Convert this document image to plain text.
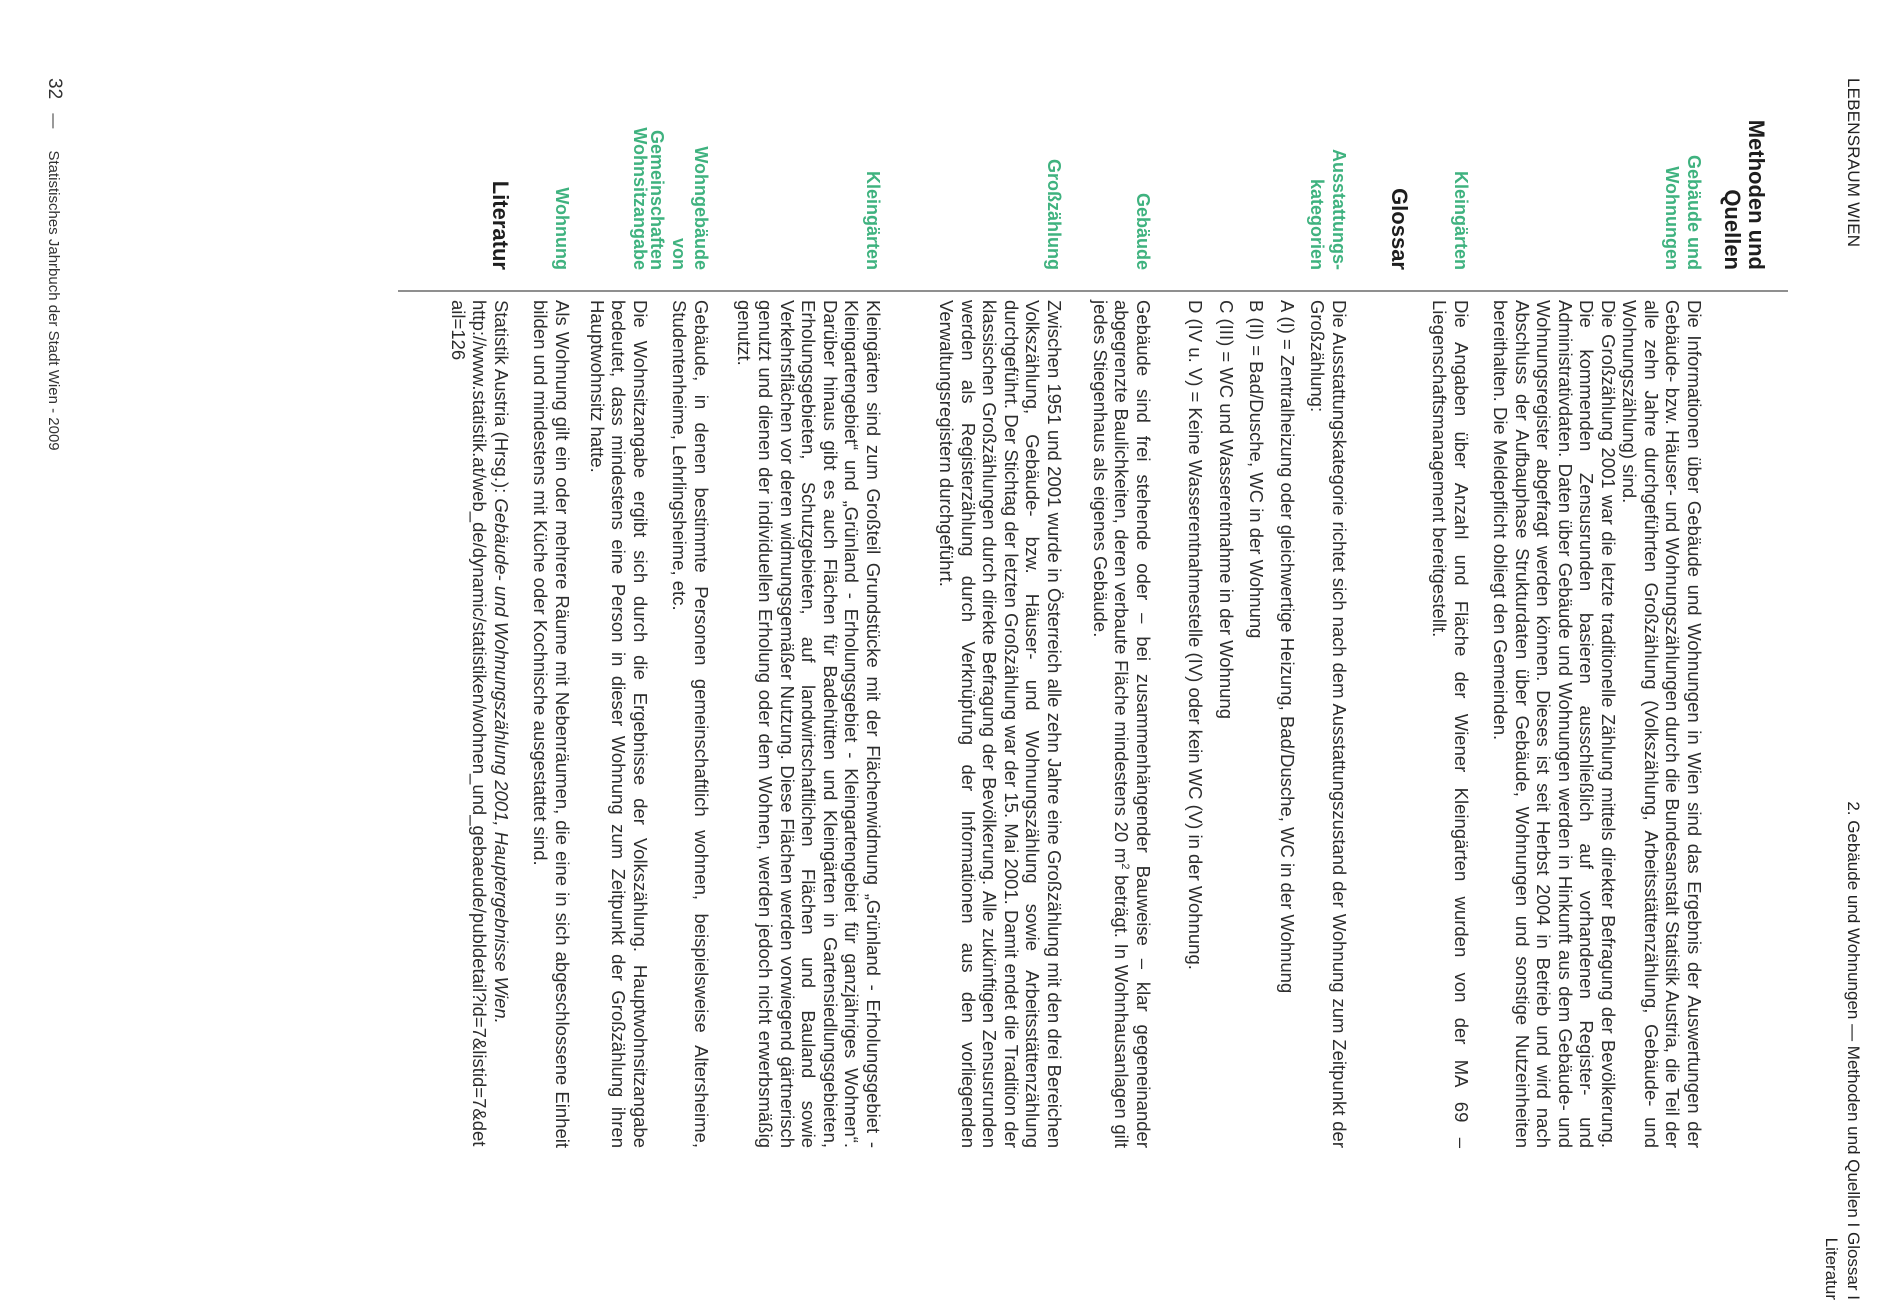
LEBENSRAUM WIEN
2. Gebäude und Wohnungen — Methoden und Quellen I Glossar I Literatur
Methoden und Quellen
Gebäude und Wohnungen

Die Informationen über Gebäude und Wohnungen in Wien sind das Ergebnis der Auswertungen der Gebäude- bzw. Häuser- und Wohnungszählungen durch die Bundesanstalt Statistik Austria, die Teil der alle zehn Jahre durchgeführten Großzählung (Volkszählung, Arbeitsstättenzählung, Gebäude- und Wohnungszählung) sind.

Die Großzählung 2001 war die letzte traditionelle Zählung mittels direkter Befragung der Bevölkerung. Die kommenden Zensusrunden basieren ausschließlich auf vorhandenen Register- und Administrativdaten. Daten über Gebäude und Wohnungen werden in Hinkunft aus dem Gebäude- und Wohnungsregister abgefragt werden können. Dieses ist seit Herbst 2004 in Betrieb und wird nach Abschluss der Aufbauphase Strukturdaten über Gebäude, Wohnungen und sonstige Nutzeinheiten bereithalten. Die Meldepflicht obliegt den Gemeinden.

Kleingärten
Die Angaben über Anzahl und Fläche der Wiener Kleingärten wurden von der MA 69 – Liegenschaftsmanagement bereitgestellt.
Glossar
Ausstattungs-kategorien

Die Ausstattungskategorie richtet sich nach dem Ausstattungszustand der Wohnung zum Zeitpunkt der Großzählung:

A (I) = Zentralheizung oder gleichwertige Heizung, Bad/Dusche, WC in der Wohnung

B (II) = Bad/Dusche, WC in der Wohnung

C (III) = WC und Wasserentnahme in der Wohnung

D (IV u. V) = Keine Wasserentnahmestelle (IV) oder kein WC (V) in der Wohnung.

Gebäude
Gebäude sind frei stehende oder – bei zusammenhängender Bauweise – klar gegeneinander abgegrenzte Baulichkeiten, deren verbaute Fläche mindestens 20 $m^2$ beträgt. In Wohnhausanlagen gilt jedes Stiegenhaus als eigenes Gebäude.
Großzählung
Zwischen 1951 und 2001 wurde in Österreich alle zehn Jahre eine Großzählung mit den drei Bereichen Volkszählung, Gebäude- bzw. Häuser- und Wohnungszählung sowie Arbeitsstättenzählung durchgeführt. Der Stichtag der letzten Großzählung war der 15. Mai 2001. Damit endet die Tradition der klassischen Großzählungen durch direkte Befragung der Bevölkerung. Alle zukünftigen Zensusrunden werden als Registerzählung durch Verknüpfung der Informationen aus den vorliegenden Verwaltungsregistern durchgeführt.
Kleingärten
Kleingärten sind zum Großteil Grundstücke mit der Flächenwidmung „Grünland - Erholungsgebiet - Kleingartengebiet“ und „Grünland - Erholungsgebiet - Kleingartengebiet für ganzjähriges Wohnen“. Darüber hinaus gibt es auch Flächen für Badehütten und Kleingärten in Gartensiedlungsgebieten, Erholungsgebieten, Schutzgebieten, auf landwirtschaftlichen Flächen und Bauland sowie Verkehrsflächen vor deren widmungsgemäßer Nutzung. Diese Flächen werden vorwiegend gärtnerisch genutzt und dienen der individuellen Erholung oder dem Wohnen, werden jedoch nicht erwerbsmäßig genutzt.
Wohngebäude von Gemeinschaften
Gebäude, in denen bestimmte Personen gemeinschaftlich wohnen, beispielsweise Altersheime, Studentenheime, Lehrlingsheime, etc.
Wohnsitzangabe
Die Wohnsitzangabe ergibt sich durch die Ergebnisse der Volkszählung. Hauptwohnsitzangabe bedeutet, dass mindestens eine Person in dieser Wohnung zum Zeitpunkt der Großzählung ihren Hauptwohnsitz hatte.
Wohnung
Als Wohnung gilt ein oder mehrere Räume mit Nebenräumen, die eine in sich abgeschlossene Einheit bilden und mindestens mit Küche oder Kochnische ausgestattet sind.
Literatur
Statistik Austria (Hrsg.): Gebäude- und Wohnungszählung 2001, Hauptergebnisse Wien.
http://www.statistik.at/web_de/dynamic/statistiken/wohnen_und_gebaeude/publdetail?id=7&listid=7&detail=126
32 — Statistisches Jahrbuch der Stadt Wien - 2009
